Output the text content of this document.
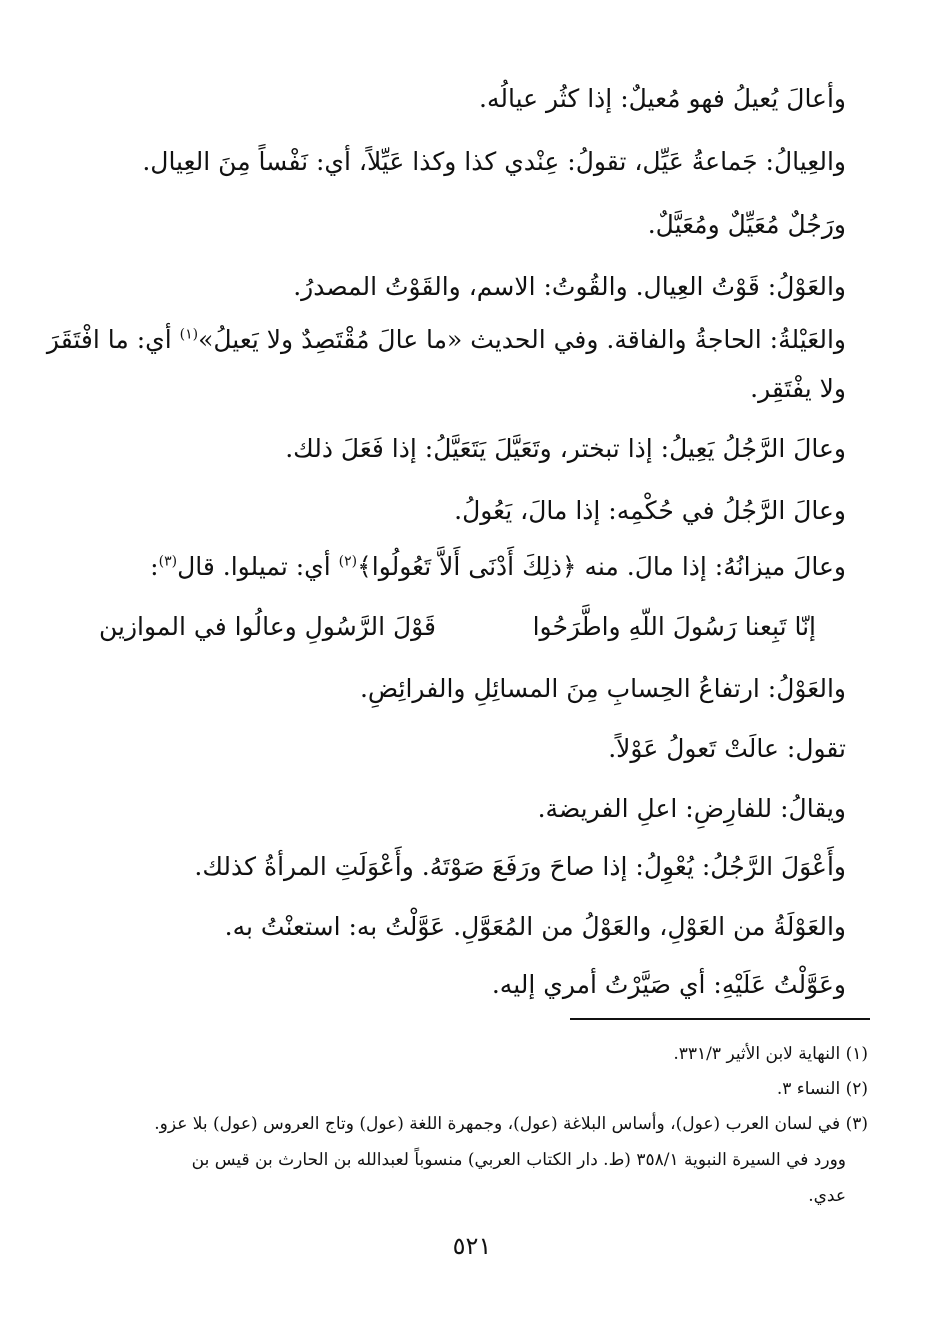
وأعالَ يُعيلُ فهو مُعيلٌ: إذا كثُر عيالُه.
والعِيالُ: جَماعةُ عَيِّل، تقولُ: عِنْدي كذا وكذا عَيِّلاً، أي: نَفْساً مِنَ العِيال.
ورَجُلٌ مُعَيِّلٌ ومُعَيَّلٌ.
والعَوْلُ: قَوْتُ العِيال. والقُوتُ: الاسم، والقَوْتُ المصدرُ.
والعَيْلةُ: الحاجةُ والفاقة. وفي الحديث «ما عالَ مُقْتَصِدٌ ولا يَعيلُ»$^{(١)}$ أي: ما افْتَقَرَ
ولا يفْتَقِر.
وعالَ الرَّجُلُ يَعِيلُ: إذا تبختر، وتَعَيَّلَ يَتَعَيَّلُ: إذا فَعَلَ ذلك.
وعالَ الرَّجُلُ في حُكْمِه: إذا مالَ، يَعُولُ.
وعالَ ميزانُهُ: إذا مالَ. منه ﴿ذلِكَ أَدْنَى أَلاَّ تَعُولُوا﴾$^{(٢)}$ أي: تميلوا. قال$^{(٣)}$:
إنّا تَبِعنا رَسُولَ اللّهِ واطَّرَحُوا
قَوْلَ الرَّسُولِ وعالُوا في الموازين
والعَوْلُ: ارتفاعُ الحِسابِ مِنَ المسائِلِ والفرائِضِ.
تقول: عالَتْ تَعولُ عَوْلاً.
ويقالُ: للفارِضِ: اعلِ الفريضة.
وأَعْوَلَ الرَّجُلُ: يُعْوِلُ: إذا صاحَ ورَفَعَ صَوْتَهُ. وأَعْوَلَتِ المرأةُ كذلك.
والعَوْلَةُ من العَوْلِ، والعَوْلُ من المُعَوَّلِ. عَوَّلْتُ به: استعنْتُ به.
وعَوَّلْتُ عَلَيْهِ: أي صَيَّرْتُ أمري إليه.
(١) النهاية لابن الأثير ٣٣١/٣.
(٢) النساء ٣.
(٣) في لسان العرب (عول)، وأساس البلاغة (عول)، وجمهرة اللغة (عول) وتاج العروس (عول) بلا عزو.
وورد في السيرة النبوية ٣٥٨/١ (ط. دار الكتاب العربي) منسوباً لعبدالله بن الحارث بن قيس بن
عدي.
٥٢١
